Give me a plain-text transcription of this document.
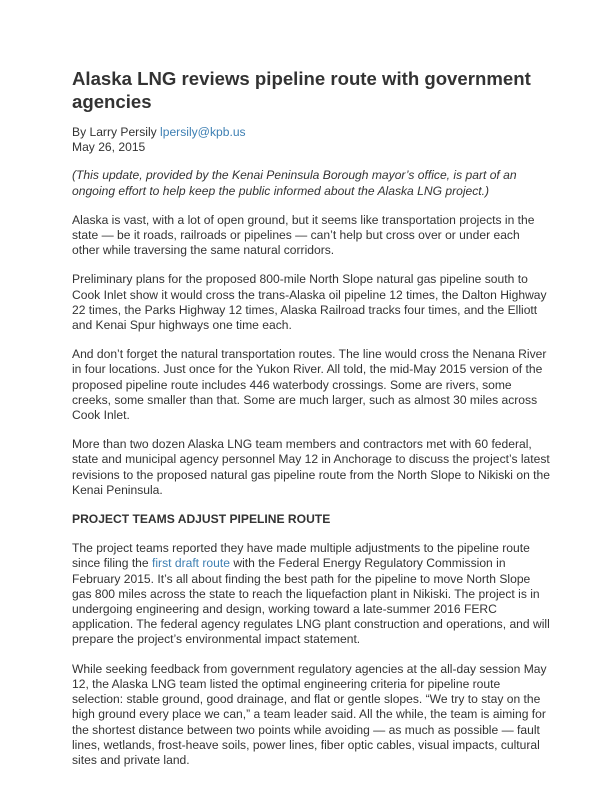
Alaska LNG reviews pipeline route with government agencies
By Larry Persily lpersily@kpb.us
May 26, 2015

(This update, provided by the Kenai Peninsula Borough mayor’s office, is part of an ongoing effort to help keep the public informed about the Alaska LNG project.)

Alaska is vast, with a lot of open ground, but it seems like transportation projects in the state — be it roads, railroads or pipelines — can’t help but cross over or under each other while traversing the same natural corridors.

Preliminary plans for the proposed 800-mile North Slope natural gas pipeline south to Cook Inlet show it would cross the trans-Alaska oil pipeline 12 times, the Dalton Highway 22 times, the Parks Highway 12 times, Alaska Railroad tracks four times, and the Elliott and Kenai Spur highways one time each.

And don’t forget the natural transportation routes. The line would cross the Nenana River in four locations. Just once for the Yukon River. All told, the mid-May 2015 version of the proposed pipeline route includes 446 waterbody crossings. Some are rivers, some creeks, some smaller than that. Some are much larger, such as almost 30 miles across Cook Inlet.

More than two dozen Alaska LNG team members and contractors met with 60 federal, state and municipal agency personnel May 12 in Anchorage to discuss the project’s latest revisions to the proposed natural gas pipeline route from the North Slope to Nikiski on the Kenai Peninsula.

PROJECT TEAMS ADJUST PIPELINE ROUTE

The project teams reported they have made multiple adjustments to the pipeline route since filing the first draft route with the Federal Energy Regulatory Commission in February 2015. It’s all about finding the best path for the pipeline to move North Slope gas 800 miles across the state to reach the liquefaction plant in Nikiski. The project is in undergoing engineering and design, working toward a late-summer 2016 FERC application. The federal agency regulates LNG plant construction and operations, and will prepare the project’s environmental impact statement.

While seeking feedback from government regulatory agencies at the all-day session May 12, the Alaska LNG team listed the optimal engineering criteria for pipeline route selection: stable ground, good drainage, and flat or gentle slopes. “We try to stay on the high ground every place we can,” a team leader said. All the while, the team is aiming for the shortest distance between two points while avoiding — as much as possible — fault lines, wetlands, frost-heave soils, power lines, fiber optic cables, visual impacts, cultural sites and private land.
